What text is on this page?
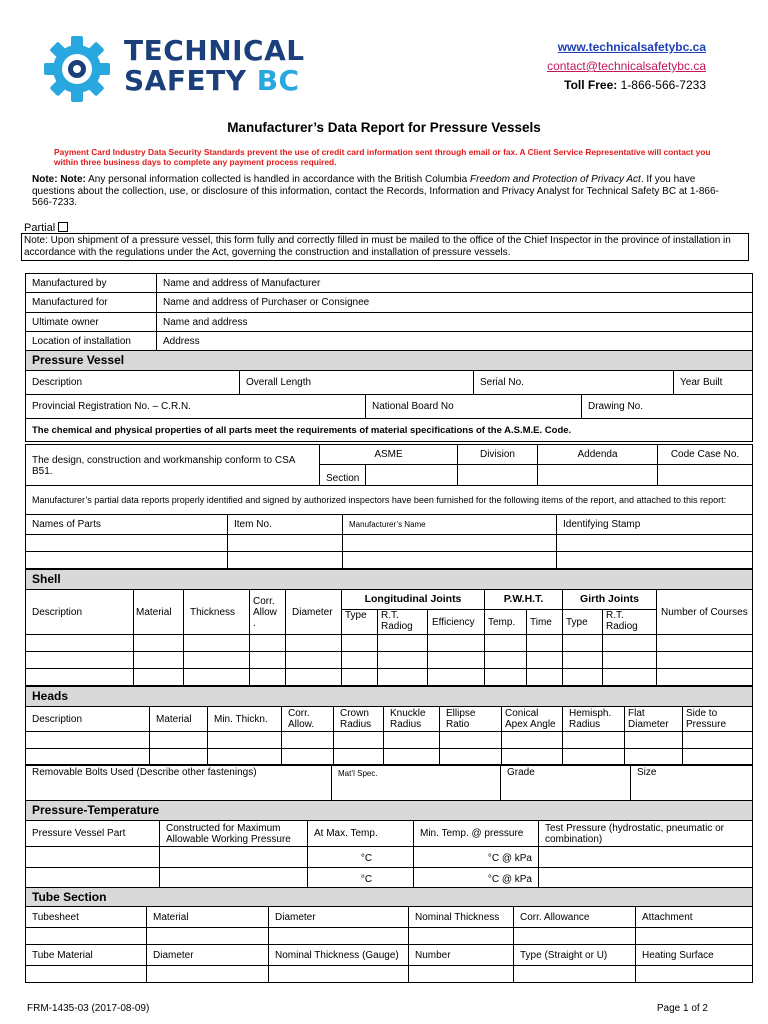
TECHNICAL
SAFETY BC
www.technicalsafetybc.ca
contact@technicalsafetybc.ca
Toll Free: 1-866-566-7233
Manufacturer’s Data Report for Pressure Vessels
Payment Card Industry Data Security Standards prevent the use of credit card information sent through email or fax. A Client Service Representative will contact you within three business days to complete any payment process required.
Note: Note: Any personal information collected is handled in accordance with the British Columbia Freedom and Protection of Privacy Act. If you have questions about the collection, use, or disclosure of this information, contact the Records, Information and Privacy Analyst for Technical Safety BC at 1-866-566-7233.
Partial
Note: Upon shipment of a pressure vessel, this form fully and correctly filled in must be mailed to the office of the Chief Inspector in the province of installation in accordance with the regulations under the Act, governing the construction and installation of pressure vessels.
Manufactured by	Name and address of Manufacturer
Manufactured for	Name and address of Purchaser or Consignee
Ultimate owner	Name and address
Location of installation	Address
Pressure Vessel					
Description	Overall Length		Serial No.		Year Built
Provincial Registration No. – C.R.N.		National Board No		Drawing No.	
The chemical and physical properties of all parts meet the requirements of material specifications of the A.S.M.E. Code.					
The design, construction and workmanship conform to CSA B51.	ASME		Division	Addenda	Code Case No.
	Section				
Manufacturer’s partial data reports properly identified and signed by authorized inspectors have been furnished for the following items of the report, and attached to this report:					
Names of Parts	Item No.	Manufacturer’s Name	Identifying Stamp

Shell												
Description	Material	Thickness	Corr. Allow .	Diameter	Longitudinal Joints			P.W.H.T.		Girth Joints		Number of Courses
					Type	R.T. Radiog	Efficiency	Temp.	Time	Type	R.T. Radiog	

Heads										
Description	Material	Min. Thickn.	Corr. Allow.	Crown Radius	Knuckle Radius	Ellipse Ratio	Conical Apex Angle	Hemisph. Radius	Flat Diameter	Side to Pressure

Removable Bolts Used (Describe other fastenings)	Mat’l Spec.	Grade	Size
Pressure-Temperature				
Pressure Vessel Part	Constructed for Maximum Allowable Working Pressure	At Max. Temp.	Min. Temp. @ pressure	Test Pressure (hydrostatic, pneumatic or combination)
		°C	°C @ kPa	
		°C	°C @ kPa	
Tube Section					
Tubesheet	Material	Diameter	Nominal Thickness	Corr. Allowance	Attachment

Tube Material	Diameter	Nominal Thickness (Gauge)	Number	Type (Straight or U)	Heating Surface

FRM-1435-03 (2017-08-09)	Page 1 of 2
